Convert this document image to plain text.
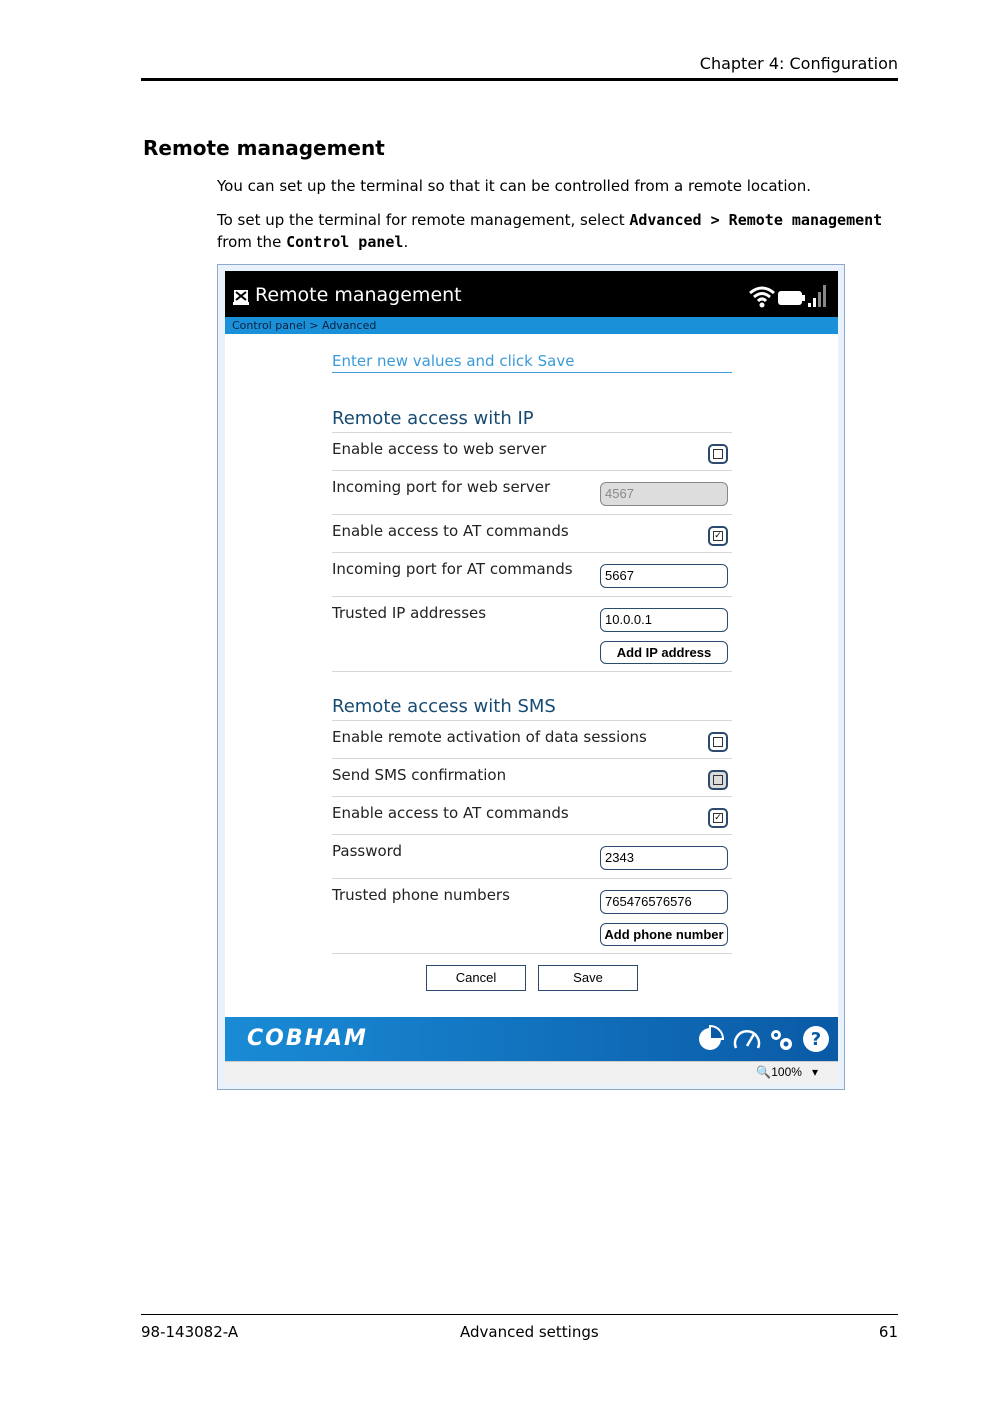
Chapter 4: Configuration
Remote management
You can set up the terminal so that it can be controlled from a remote location.
To set up the terminal for remote management, select Advanced > Remote management from the Control panel.
Remote management
Control panel > Advanced
Enter new values and click Save
Remote access with IP
Enable access to web server
Incoming port for web server	4567
Enable access to AT commands	✓
Incoming port for AT commands	5667
Trusted IP addresses	10.0.0.1
Add IP address
Remote access with SMS
Enable remote activation of data sessions
Send SMS confirmation
Enable access to AT commands	✓
Password	2343
Trusted phone numbers	765476576576
Add phone number
Cancel	Save
COBHAM	?
🔍100%   ▾
98-143082-A	Advanced settings	61
